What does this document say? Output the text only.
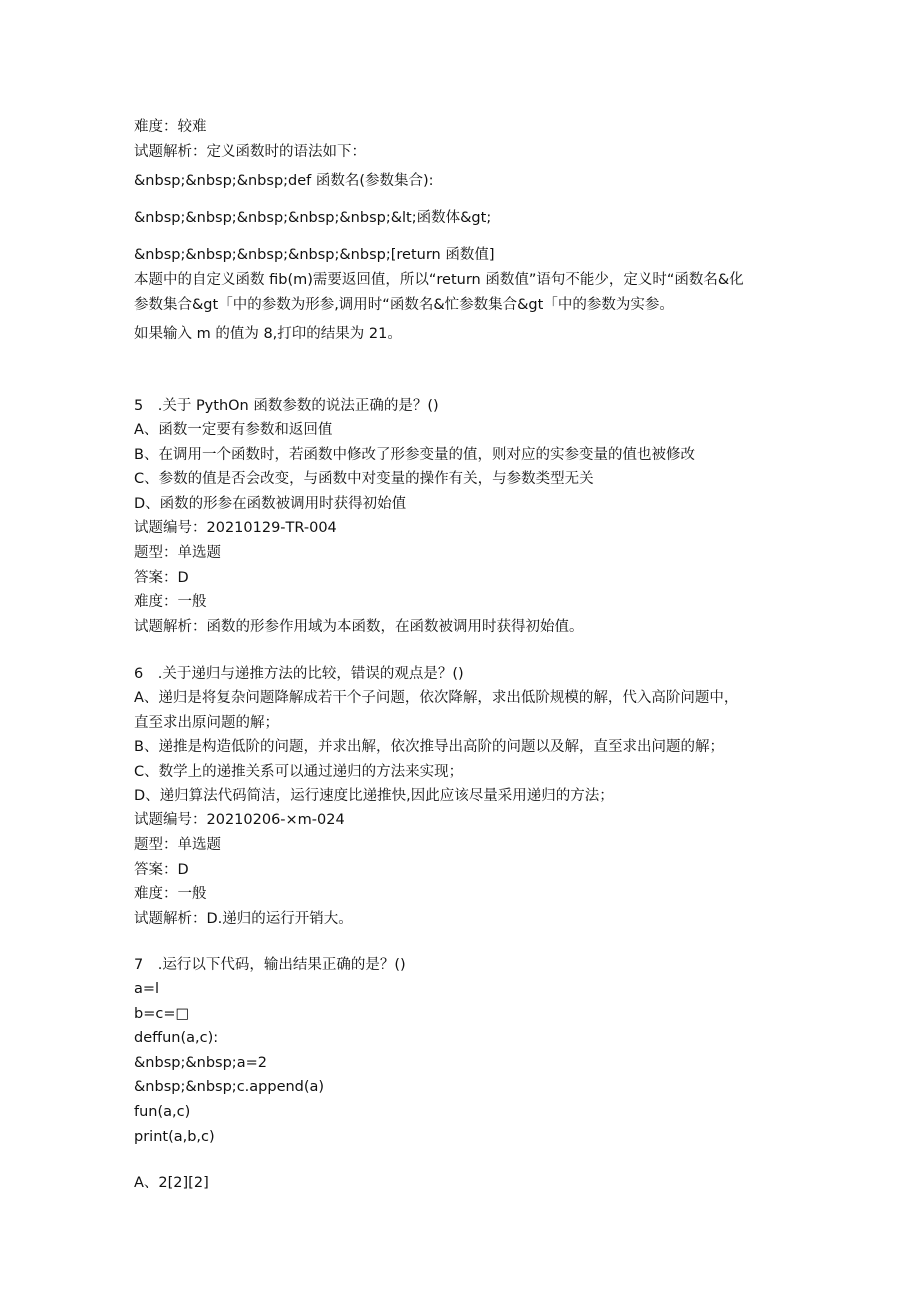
难度：较难
试题解析：定义函数时的语法如下：
&nbsp;&nbsp;&nbsp;def 函数名(参数集合):
&nbsp;&nbsp;&nbsp;&nbsp;&nbsp;&lt;函数体&gt;
&nbsp;&nbsp;&nbsp;&nbsp;&nbsp;[return 函数值]
本题中的自定义函数 fib(m)需要返回值，所以“return 函数值”语句不能少，定义时“函数名&化
参数集合&gt「中的参数为形参,调用时“函数名&忙参数集合&gt「中的参数为实参。
如果输入 m 的值为 8,打印的结果为 21。
5　.关于 PythOn 函数参数的说法正确的是？()
A、函数一定要有参数和返回值
B、在调用一个函数时，若函数中修改了形参变量的值，则对应的实参变量的值也被修改
C、参数的值是否会改变，与函数中对变量的操作有关，与参数类型无关
D、函数的形参在函数被调用时获得初始值
试题编号：20210129-TR-004
题型：单选题
答案：D
难度：一般
试题解析：函数的形参作用域为本函数，在函数被调用时获得初始值。
6　.关于递归与递推方法的比较，错误的观点是？()
A、递归是将复杂问题降解成若干个子问题，依次降解，求出低阶规模的解，代入高阶问题中，
直至求出原问题的解；
B、递推是构造低阶的问题，并求出解，依次推导出高阶的问题以及解，直至求出问题的解；
C、数学上的递推关系可以通过递归的方法来实现；
D、递归算法代码简洁，运行速度比递推快,因此应该尽量采用递归的方法；
试题编号：20210206-×m-024
题型：单选题
答案：D
难度：一般
试题解析：D.递归的运行开销大。
7　.运行以下代码，输出结果正确的是？()
a=l
b=c=□
deffun(a,c):
&nbsp;&nbsp;a=2
&nbsp;&nbsp;c.append(a)
fun(a,c)
print(a,b,c)
A、2[2][2]
